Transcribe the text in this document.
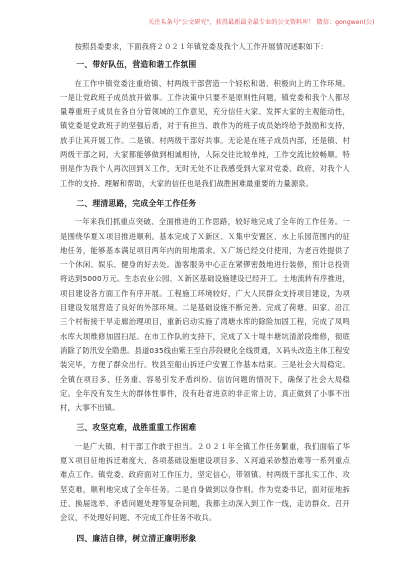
关注头条号"公文研究"，获得最新最全最专业的公文资料库！ 微信：gongwen(公)

按照县委要求，下面我将２０２１年镇党委及我个人工作开展情况述职如下：

一、带好队伍，营造和谐工作氛围

在工作中镇党委注重给镇、村两级干部营造一个轻松和谐、积极向上的工作环境。一是让党政班子成员放开做事。工作决策中只要不是原则性问题，镇党委和我个人都尽量尊重班子成员在各自分管领域的工作意见，充分信任大家、发挥大家的主观能动性，镇党委是党政班子的坚强后盾，对于有担当、敢作为的班子成员始终给予鼓励和支持，放手让其开展工作。二是镇、村两级干部好共事。无论是在班子成员内部，还是镇、村两级干部之间，大家都能够做到相诚相待，人际交往比较单纯，工作交流比较畅顺。特别是作为我个人再次回到Ｘ工作，无时无处不让我感受到大家对党委、政府、对我个人工作的支持、理解和帮助，大家的信任也是我们战胜困难最重要的力量源泉。

二、理清思路，完成全年工作任务

一年来我们抓重点突破、全面推进的工作思路，较好地完成了全年的工作任务。一是围绕华夏Ｘ项目推进顺利。基本完成了Ｘ新区、Ｘ集中安置区、水上乐园范围内的征地任务，能够基本满足项目两年内的用地需求。Ｘ广场已经交付使用，为老百姓提供了一个休闲、娱乐、健身的好去处。游客服务中心正在紧锣密鼓地进行装修，预计总投资将达到5000万元。生态农业公园、Ｘ新区基础设施建设已经开工。土地流转有序推进，项目建设各方面工作有序开展。工程施工环境较好，广大人民群众支持项目建设，为项目建设发展营造了良好的外部环境。二是基础设施不断完善。完成了荷塘、田家、沿江三个村衔接干旱走廊治理项目，重新启动实施了湾塘水库的除险加固工程，完成了凤鸣水库大坝维修加固扫尾。在市工作队的支持下，完成了Ｘ十堤丰塘坑清淤段维修，彻底消除了防汛安全隐患。县道035线由紫王至白莎段硬化全线贯通，Ｘ码头改造主体工程安装完毕，方便了群众出行。牧县至船山拆迁户安置工作基本结束。三是社会大局稳定。全镇在项目多、任务重、容易引发矛盾纠纷、信访问题的情况下，确保了社会大局稳定。全年没有发生大的群体性事件，没有赴省进京的非正常上访，真正做到了小事不出村，大事不出镇。

三、攻坚克难，战胜重重工作困难

一是广大镇、村干部工作敢于担当。２０２１年全镇工作任务繁重，我们面临了华夏Ｘ项目征地拆迁难度大、各项基础设施建设项目多、Ｘ河道采砂整治难等一系列重点难点工作。镇党委、政府面对工作压力，坚定信心，带领镇、村两级干部扎实工作、攻坚克难，顺利地完成了全年任务。二是自身做到以身作则。作为党委书记，面对征地拆迁、换届选举、矛盾问题处理等复杂问题，我都主动深入到工作一线，走访群众、召开会议，不处理好问题、不完成工作任务不收兵。

四、廉洁自律，树立清正廉明形象
